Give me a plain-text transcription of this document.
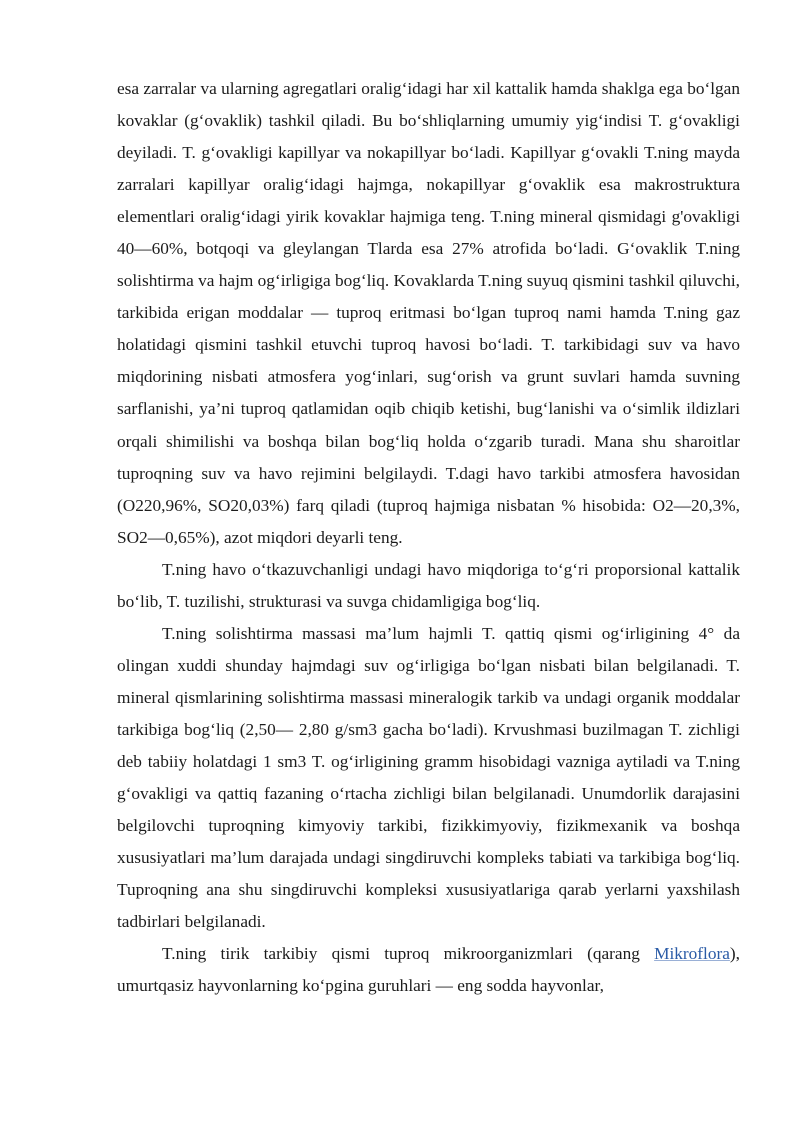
esa zarralar va ularning agregatlari oralig‘idagi har xil kattalik hamda shaklga ega bo‘lgan kovaklar (g‘ovaklik) tashkil qiladi. Bu bo‘shliqlarning umumiy yig‘indisi T. g‘ovakligi deyiladi. T. g‘ovakligi kapillyar va nokapillyar bo‘ladi. Kapillyar g‘ovakli T.ning mayda zarralari kapillyar oralig‘idagi hajmga, nokapillyar g‘ovaklik esa makrostruktura elementlari oralig‘idagi yirik kovaklar hajmiga teng. T.ning mineral qismidagi g'ovakligi 40—60%, botqoqi va gleylangan Tlarda esa 27% atrofida bo‘ladi. G‘ovaklik T.ning solishtirma va hajm og‘irligiga bog‘liq. Kovaklarda T.ning suyuq qismini tashkil qiluvchi, tarkibida erigan moddalar — tuproq eritmasi bo‘lgan tuproq nami hamda T.ning gaz holatidagi qismini tashkil etuvchi tuproq havosi bo‘ladi. T. tarkibidagi suv va havo miqdorining nisbati atmosfera yog‘inlari, sug‘orish va grunt suvlari hamda suvning sarflanishi, ya’ni tuproq qatlamidan oqib chiqib ketishi, bug‘lanishi va o‘simlik ildizlari orqali shimilishi va boshqa bilan bog‘liq holda o‘zgarib turadi. Mana shu sharoitlar tuproqning suv va havo rejimini belgilaydi. T.dagi havo tarkibi atmosfera havosidan (O220,96%, SO20,03%) farq qiladi (tuproq hajmiga nisbatan % hisobida: O2—20,3%, SO2—0,65%), azot miqdori deyarli teng.

T.ning havo o‘tkazuvchanligi undagi havo miqdoriga to‘g‘ri proporsional kattalik bo‘lib, T. tuzilishi, strukturasi va suvga chidamligiga bog‘liq.

T.ning solishtirma massasi ma’lum hajmli T. qattiq qismi og‘irligining 4° da olingan xuddi shunday hajmdagi suv og‘irligiga bo‘lgan nisbati bilan belgilanadi. T. mineral qismlarining solishtirma massasi mineralogik tarkib va undagi organik moddalar tarkibiga bog‘liq (2,50— 2,80 g/sm3 gacha bo‘ladi). Krvushmasi buzilmagan T. zichligi deb tabiiy holatdagi 1 sm3 T. og‘irligining gramm hisobidagi vazniga aytiladi va T.ning g‘ovakligi va qattiq fazaning o‘rtacha zichligi bilan belgilanadi. Unumdorlik darajasini belgilovchi tuproqning kimyoviy tarkibi, fizikkimyoviy, fizikmexanik va boshqa xususiyatlari ma’lum darajada undagi singdiruvchi kompleks tabiati va tarkibiga bog‘liq. Tuproqning ana shu singdiruvchi kompleksi xususiyatlariga qarab yerlarni yaxshilash tadbirlari belgilanadi.

T.ning tirik tarkibiy qismi tuproq mikroorganizmlari (qarang Mikroflora), umurtqasiz hayvonlarning ko‘pgina guruhlari — eng sodda hayvonlar,
